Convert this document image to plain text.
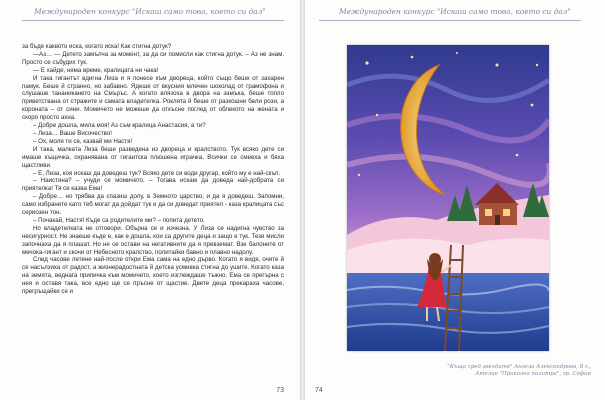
Международен конкурс "Искаш само това, което си дал"

за бъде каквото иска, когато иска! Как стигна дотук?

—Аз… — Детето замълча за момент, за да си помисли как стигна дотук. – Аз не знам. Просто се събудих тук.

— Е хайде, няма време, кралицата ни чака!

И така гигантът вдигна Лиза и я понесе към двореца, който също беше от захарен памук. Беше й странно, но забавно. Ядеше от вкусния млечен шоколад от грамофона и слушаше тананикането на Смъръс. А когато влязоха в двора на замъка, беше топло приветствана от стражите и самата владетелка. Роклята й беше от разкошни бели рози, а короната – от сини. Момичето не можеше да откъсне поглед от облекото на жената и скоро просто ахна.

– Добре дошла, мила моя! Аз съм кралица Анастасия, а ти?

– Лиза… Ваше Височество!

– Ох, моля ти се, казвай ми Настя!

И така, малката Лиза беше разведена из двореца и кралството. Тук всяко дете си имаше къщичка, охранявана от гигантска плюшена играчка. Всички се смееха и бяха щастливи.

– Е, Лиза, коя искаш да доведеш тук? Всяко дете си води другар, който му е най-скъп.

– Наистина? – учуди се момичето. – Тогава искам да доведа най-добрата си приятелка! Тя се казва Ема!

– Добре… но трябва да спазиш долу, в Земното царство, и да я доведеш. Запомни, само избраните като теб могат да дойдат тук и да си доведат приятел - каза кралицата със сериозен тон.

– Почакай, Настя! Къде са родителите ми? – попита детето.

Но владетелката не отговори. Обърна се и изчезна. У Лиза се надигна чувство за несигурност. Не знаеше къде е, как е дошла, кои са другите деца и защо е тук. Тези мисли започнаха да я плашат. Но не се остави на негативните да я превземат. Взе балоните от мечока-гигант и скочи от Небесното кралство, политайки бавно и плавно надолу.

След часове летене най-после откри Ема сама на едно дърво. Когато я видя, очите й се насълзиха от радост, а жизнерадостната й детска усмивка стигна до ушите. Когато каза на земята, веднага припичка към момичето, което изглеждаше тъжно. Ема се прегърна с нея и оставя така, все едно ще се пръсне от щастие. Двете деца прекараха часове, прегръщайки се и

73
Международен конкурс "Искаш само това, което си дал"
"Къща сред звездите" Ангела Александрова, 8 г.,
Ателие "Приказна палитра", гр. София
74
